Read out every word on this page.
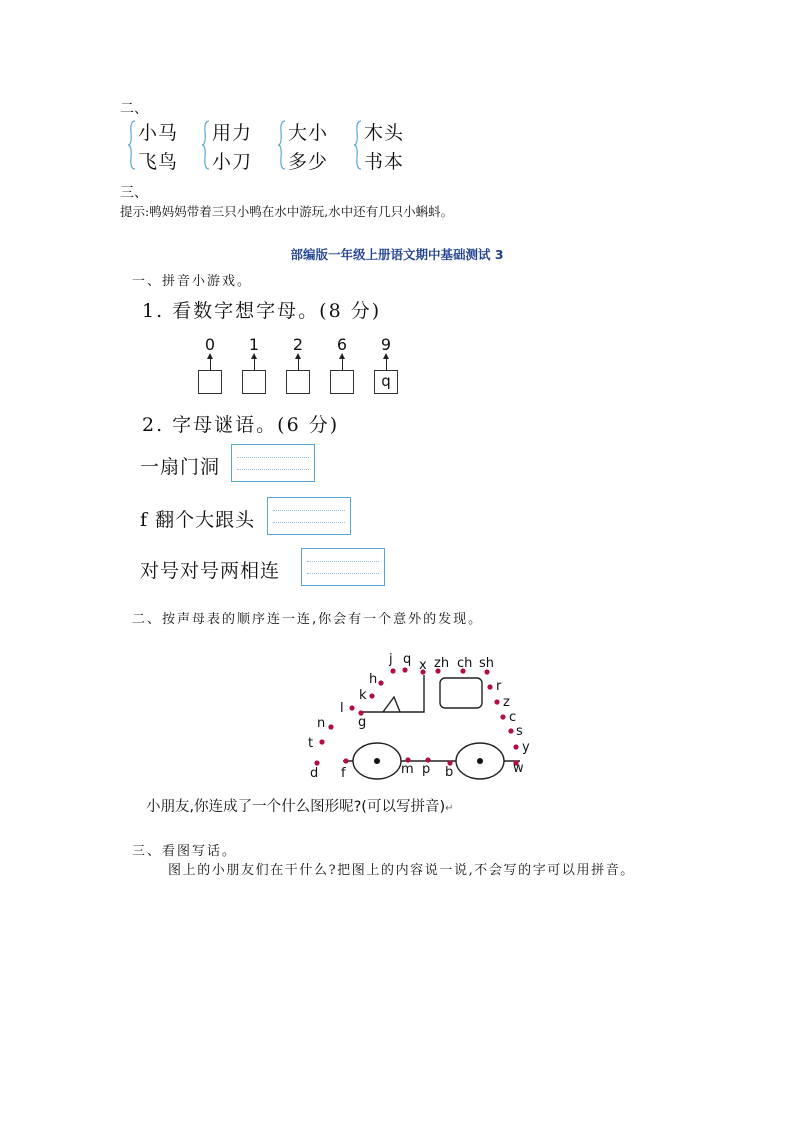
二、
小马
飞鸟
用力
小刀
大小
多少
木头
书本
三、
提示:鸭妈妈带着三只小鸭在水中游玩,水中还有几只小蝌蚪。
部编版一年级上册语文期中基础测试 3
一、拼音小游戏。
1. 看数字想字母。(8 分)
0	1	2	6	9
q
2. 字母谜语。(6 分)
一扇门洞
f 翻个大跟头
对号对号两相连
二、按声母表的顺序连一连,你会有一个意外的发现。
b
p
m
f
d
t
n
l
g
k
h
j q x zh ch sh
r
z
c
s
y
w
小朋友,你连成了一个什么图形呢?(可以写拼音)↵
三、看图写话。
图上的小朋友们在干什么?把图上的内容说一说,不会写的字可以用拼音。
